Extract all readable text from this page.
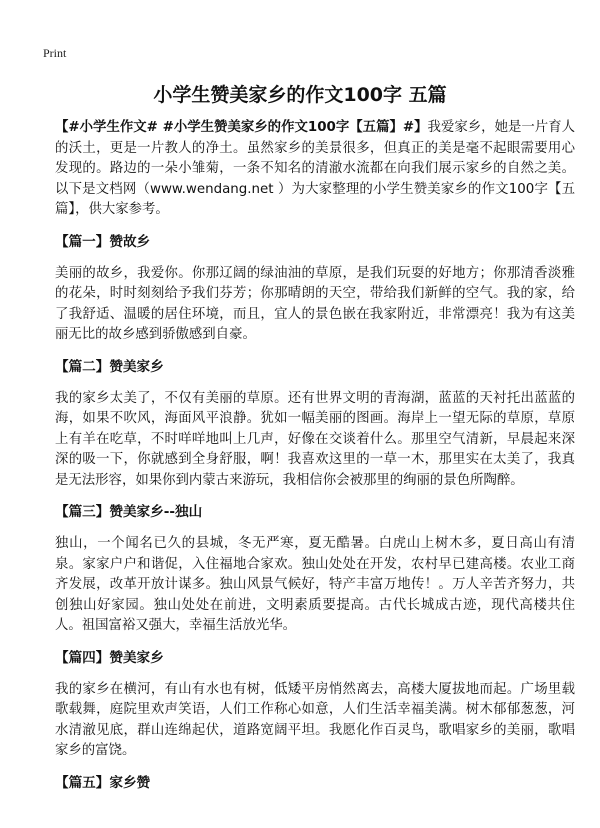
Print
小学生赞美家乡的作文100字 五篇

【#小学生作文# #小学生赞美家乡的作文100字【五篇】#】我爱家乡，她是一片育人的沃土，更是一片教人的净土。虽然家乡的美景很多，但真正的美是毫不起眼需要用心发现的。路边的一朵小雏菊，一条不知名的清澈水流都在向我们展示家乡的自然之美。以下是文档网（www.wendang.net ）为大家整理的小学生赞美家乡的作文100字【五篇】，供大家参考。

【篇一】赞故乡

美丽的故乡，我爱你。你那辽阔的绿油油的草原，是我们玩耍的好地方；你那清香淡雅的花朵，时时刻刻给予我们芬芳；你那晴朗的天空，带给我们新鲜的空气。我的家，给了我舒适、温暖的居住环境，而且，宜人的景色嵌在我家附近，非常漂亮！我为有这美丽无比的故乡感到骄傲感到自豪。

【篇二】赞美家乡

我的家乡太美了，不仅有美丽的草原。还有世界文明的青海湖，蓝蓝的天衬托出蓝蓝的海，如果不吹风，海面风平浪静。犹如一幅美丽的图画。海岸上一望无际的草原，草原上有羊在吃草，不时咩咩地叫上几声，好像在交谈着什么。那里空气清新，早晨起来深深的吸一下，你就感到全身舒服，啊！我喜欢这里的一草一木，那里实在太美了，我真是无法形容，如果你到内蒙古来游玩，我相信你会被那里的绚丽的景色所陶醉。

【篇三】赞美家乡--独山

独山，一个闻名已久的县城，冬无严寒，夏无酷暑。白虎山上树木多，夏日高山有清泉。家家户户和谐促，入住福地合家欢。独山处处在开发，农村早已建高楼。农业工商齐发展，改革开放计谋多。独山风景气候好，特产丰富万地传！。万人辛苦齐努力，共创独山好家园。独山处处在前进，文明素质要提高。古代长城成古迹，现代高楼共住人。祖国富裕又强大，幸福生活放光华。

【篇四】赞美家乡

我的家乡在横河，有山有水也有树，低矮平房悄然离去，高楼大厦拔地而起。广场里载歌载舞，庭院里欢声笑语，人们工作称心如意，人们生活幸福美满。树木郁郁葱葱，河水清澈见底，群山连绵起伏，道路宽阔平坦。我愿化作百灵鸟，歌唱家乡的美丽，歌唱家乡的富饶。

【篇五】家乡赞
